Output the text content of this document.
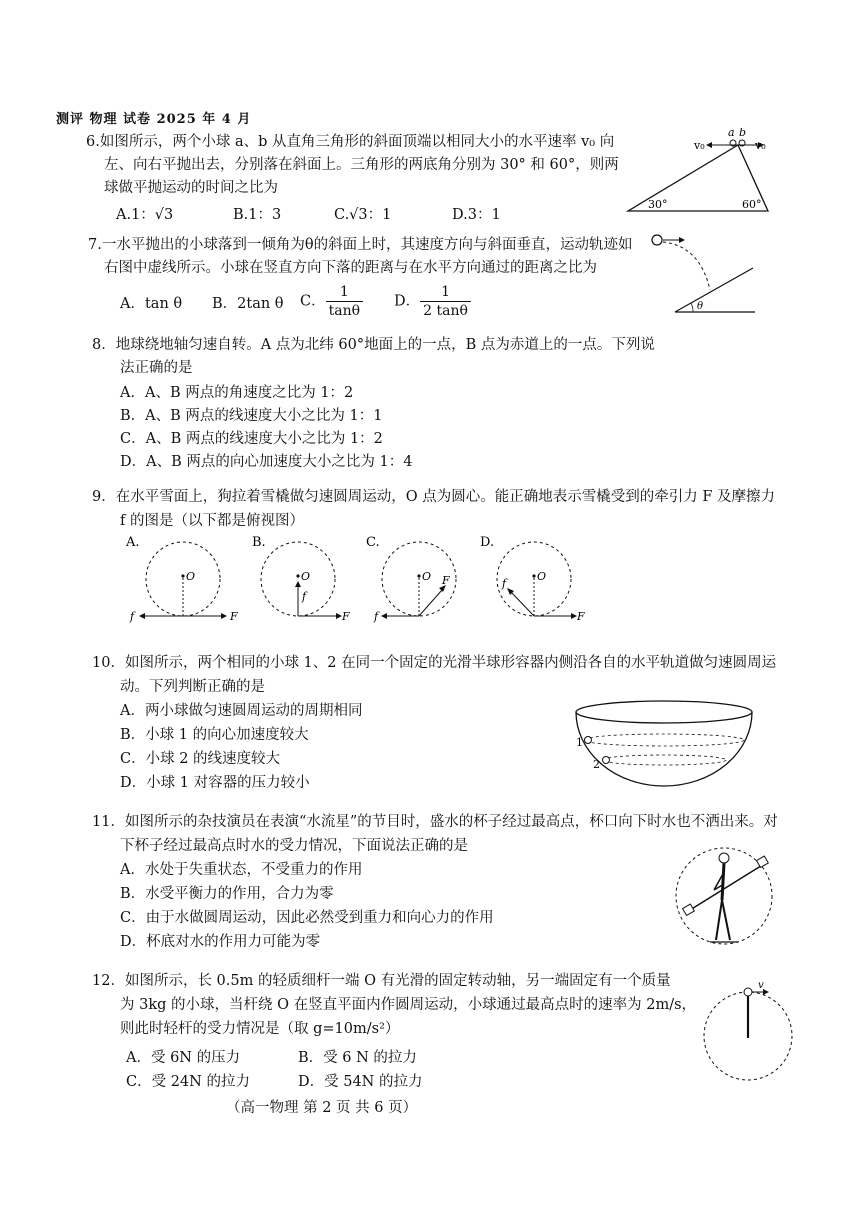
测评 物理 试卷 2025 年 4 月
6.如图所示，两个小球 a、b 从直角三角形的斜面顶端以相同大小的水平速率 v₀ 向
左、向右平抛出去，分别落在斜面上。三角形的两底角分别为 30° 和 60°，则两
球做平抛运动的时间之比为
A.1：√3	B.1：3	C.√3：1	D.3：1
v₀	v₀
a b
30°	60°
7.一水平抛出的小球落到一倾角为θ的斜面上时，其速度方向与斜面垂直，运动轨迹如
右图中虚线所示。小球在竖直方向下落的距离与在水平方向通过的距离之比为
A．tan θ B．2tan θ C． $\frac{1}{\tan\theta}$ D． $\frac{1}{2 \tan\theta}$	θ
8．地球绕地轴匀速自转。A 点为北纬 60°地面上的一点，B 点为赤道上的一点。下列说
法正确的是
A．A、B 两点的角速度之比为 1：2
B．A、B 两点的线速度大小之比为 1：1
C．A、B 两点的线速度大小之比为 1：2
D．A、B 两点的向心加速度大小之比为 1：4
9．在水平雪面上，狗拉着雪橇做匀速圆周运动，O 点为圆心。能正确地表示雪橇受到的牵引力 F 及摩擦力
f 的图是（以下都是俯视图）
A.
O
F
f
B.
O
f
F
C.
O F
f
D.
O
f
F
10．如图所示，两个相同的小球 1、2 在同一个固定的光滑半球形容器内侧沿各自的水平轨道做匀速圆周运
动。下列判断正确的是
A．两小球做匀速圆周运动的周期相同
B．小球 1 的向心加速度较大
C．小球 2 的线速度较大
D．小球 1 对容器的压力较小
1
2
11．如图所示的杂技演员在表演“水流星”的节目时，盛水的杯子经过最高点，杯口向下时水也不洒出来。对
下杯子经过最高点时水的受力情况，下面说法正确的是
A．水处于失重状态，不受重力的作用
B．水受平衡力的作用，合力为零
C．由于水做圆周运动，因此必然受到重力和向心力的作用
D．杯底对水的作用力可能为零
12．如图所示，长 0.5m 的轻质细杆一端 O 有光滑的固定转动轴，另一端固定有一个质量
为 3kg 的小球，当杆绕 O 在竖直平面内作圆周运动，小球通过最高点时的速率为 2m/s，
则此时轻杆的受力情况是（取 g=10m/s²）
A．受 6N 的压力	B．受 6 N 的拉力
C．受 24N 的拉力	D．受 54N 的拉力
v
（高一物理 第 2 页 共 6 页）
